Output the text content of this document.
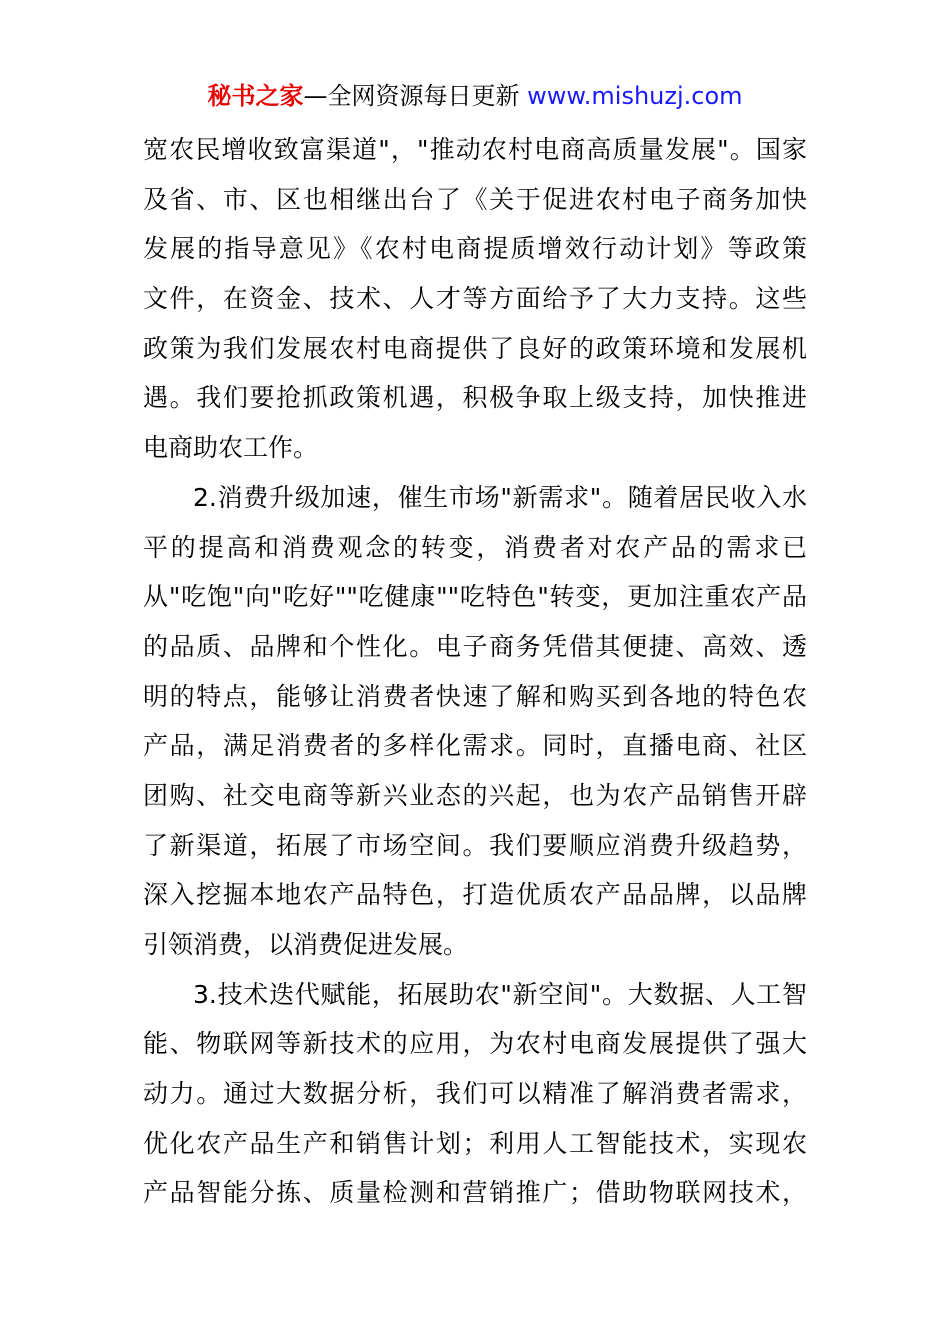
秘书之家—全网资源每日更新 www.mishuzj.com
宽农民增收致富渠道"，"推动农村电商高质量发展"。国家
及省、市、区也相继出台了《关于促进农村电子商务加快
发展的指导意见》《农村电商提质增效行动计划》等政策
文件，在资金、技术、人才等方面给予了大力支持。这些
政策为我们发展农村电商提供了良好的政策环境和发展机
遇。我们要抢抓政策机遇，积极争取上级支持，加快推进
电商助农工作。
2.消费升级加速，催生市场"新需求"。随着居民收入水
平的提高和消费观念的转变，消费者对农产品的需求已
从"吃饱"向"吃好""吃健康""吃特色"转变，更加注重农产品
的品质、品牌和个性化。电子商务凭借其便捷、高效、透
明的特点，能够让消费者快速了解和购买到各地的特色农
产品，满足消费者的多样化需求。同时，直播电商、社区
团购、社交电商等新兴业态的兴起，也为农产品销售开辟
了新渠道，拓展了市场空间。我们要顺应消费升级趋势，
深入挖掘本地农产品特色，打造优质农产品品牌，以品牌
引领消费，以消费促进发展。
3.技术迭代赋能，拓展助农"新空间"。大数据、人工智
能、物联网等新技术的应用，为农村电商发展提供了强大
动力。通过大数据分析，我们可以精准了解消费者需求，
优化农产品生产和销售计划；利用人工智能技术，实现农
产品智能分拣、质量检测和营销推广；借助物联网技术，
